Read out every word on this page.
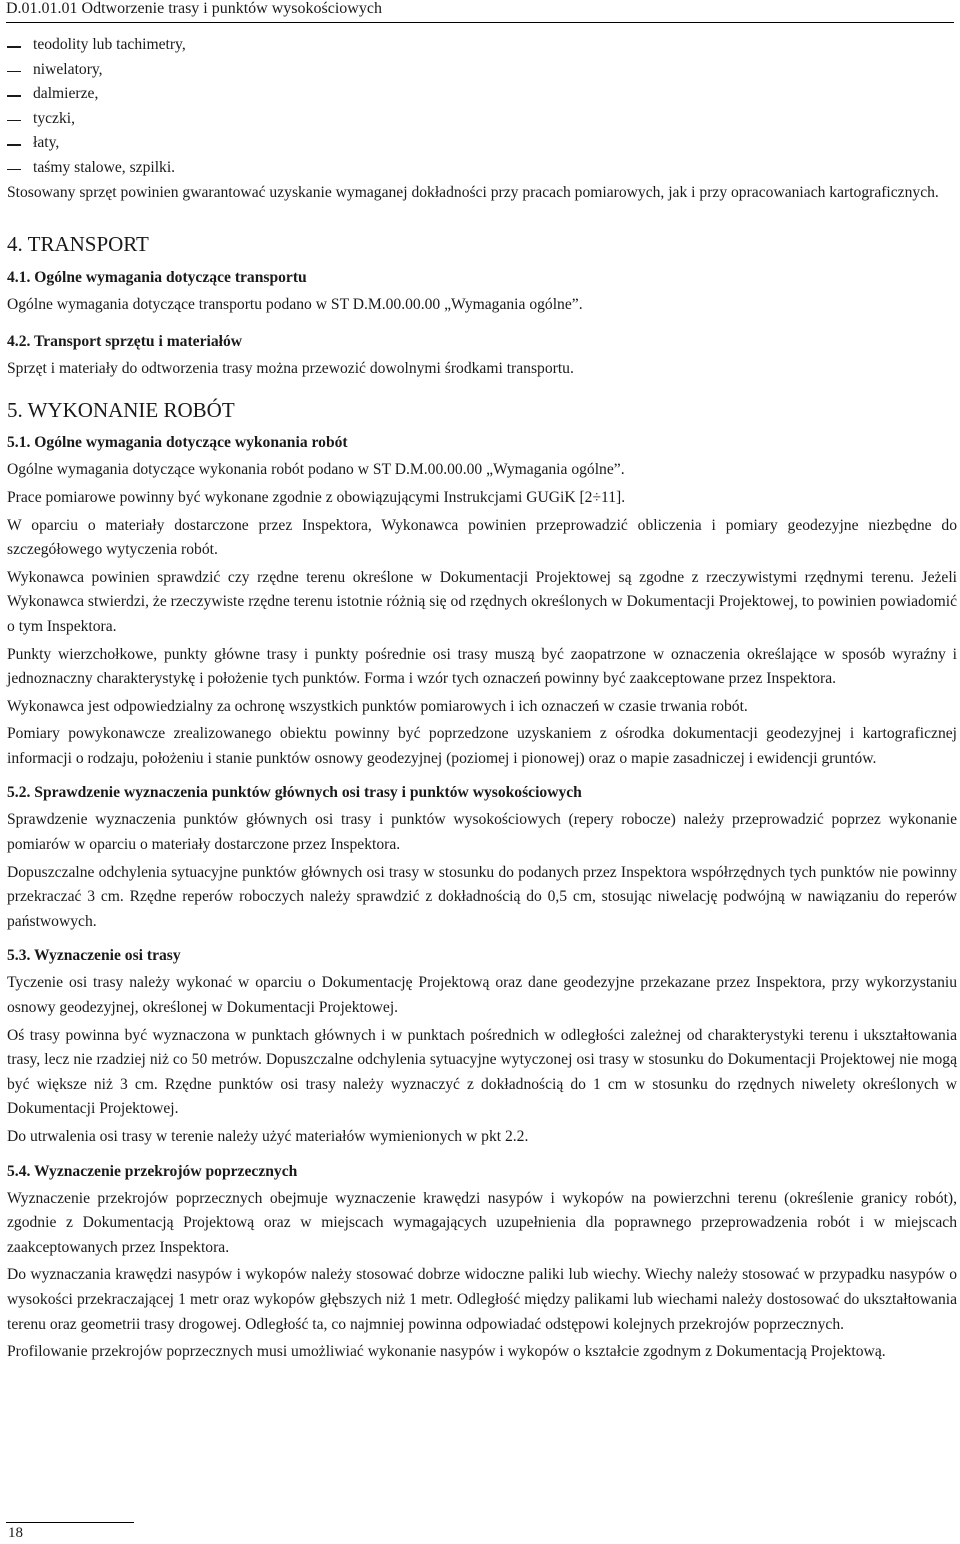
D.01.01.01 Odtworzenie trasy i punktów wysokościowych
teodolity lub tachimetry,
niwelatory,
dalmierze,
tyczki,
łaty,
taśmy stalowe, szpilki.

Stosowany sprzęt powinien gwarantować uzyskanie wymaganej dokładności przy pracach pomiarowych, jak i przy opracowaniach kartograficznych.

4. TRANSPORT
4.1. Ogólne wymagania dotyczące transportu

Ogólne wymagania dotyczące transportu podano w ST D.M.00.00.00 „Wymagania ogólne”.

4.2. Transport sprzętu i materiałów

Sprzęt i materiały do odtworzenia trasy można przewozić dowolnymi środkami transportu.

5. WYKONANIE ROBÓT
5.1. Ogólne wymagania dotyczące wykonania robót

Ogólne wymagania dotyczące wykonania robót podano w ST D.M.00.00.00 „Wymagania ogólne”.

Prace pomiarowe powinny być wykonane zgodnie z obowiązującymi Instrukcjami GUGiK [2÷11].

W oparciu o materiały dostarczone przez Inspektora, Wykonawca powinien przeprowadzić obliczenia i pomiary geodezyjne niezbędne do szczegółowego wytyczenia robót.

Wykonawca powinien sprawdzić czy rzędne terenu określone w Dokumentacji Projektowej są zgodne z rzeczywistymi rzędnymi terenu. Jeżeli Wykonawca stwierdzi, że rzeczywiste rzędne terenu istotnie różnią się od rzędnych określonych w Dokumentacji Projektowej, to powinien powiadomić o tym Inspektora.

Punkty wierzchołkowe, punkty główne trasy i punkty pośrednie osi trasy muszą być zaopatrzone w oznaczenia określające w sposób wyraźny i jednoznaczny charakterystykę i położenie tych punktów. Forma i wzór tych oznaczeń powinny być zaakceptowane przez Inspektora.

Wykonawca jest odpowiedzialny za ochronę wszystkich punktów pomiarowych i ich oznaczeń w czasie trwania robót.

Pomiary powykonawcze zrealizowanego obiektu powinny być poprzedzone uzyskaniem z ośrodka dokumentacji geodezyjnej i kartograficznej informacji o rodzaju, położeniu i stanie punktów osnowy geodezyjnej (poziomej i pionowej) oraz o mapie zasadniczej i ewidencji gruntów.

5.2. Sprawdzenie wyznaczenia punktów głównych osi trasy i punktów wysokościowych

Sprawdzenie wyznaczenia punktów głównych osi trasy i punktów wysokościowych (repery robocze) należy przeprowadzić poprzez wykonanie pomiarów w oparciu o materiały dostarczone przez Inspektora.

Dopuszczalne odchylenia sytuacyjne punktów głównych osi trasy w stosunku do podanych przez Inspektora współrzędnych tych punktów nie powinny przekraczać 3 cm. Rzędne reperów roboczych należy sprawdzić z dokładnością do 0,5 cm, stosując niwelację podwójną w nawiązaniu do reperów państwowych.

5.3. Wyznaczenie osi trasy

Tyczenie osi trasy należy wykonać w oparciu o Dokumentację Projektową oraz dane geodezyjne przekazane przez Inspektora, przy wykorzystaniu osnowy geodezyjnej, określonej w Dokumentacji Projektowej.

Oś trasy powinna być wyznaczona w punktach głównych i w punktach pośrednich w odległości zależnej od charakterystyki terenu i ukształtowania trasy, lecz nie rzadziej niż co 50 metrów. Dopuszczalne odchylenia sytuacyjne wytyczonej osi trasy w stosunku do Dokumentacji Projektowej nie mogą być większe niż 3 cm. Rzędne punktów osi trasy należy wyznaczyć z dokładnością do 1 cm w stosunku do rzędnych niwelety określonych w Dokumentacji Projektowej.

Do utrwalenia osi trasy w terenie należy użyć materiałów wymienionych w pkt 2.2.

5.4. Wyznaczenie przekrojów poprzecznych

Wyznaczenie przekrojów poprzecznych obejmuje wyznaczenie krawędzi nasypów i wykopów na powierzchni terenu (określenie granicy robót), zgodnie z Dokumentacją Projektową oraz w miejscach wymagających uzupełnienia dla poprawnego przeprowadzenia robót i w miejscach zaakceptowanych przez Inspektora.

Do wyznaczania krawędzi nasypów i wykopów należy stosować dobrze widoczne paliki lub wiechy. Wiechy należy stosować w przypadku nasypów o wysokości przekraczającej 1 metr oraz wykopów głębszych niż 1 metr. Odległość między palikami lub wiechami należy dostosować do ukształtowania terenu oraz geometrii trasy drogowej. Odległość ta, co najmniej powinna odpowiadać odstępowi kolejnych przekrojów poprzecznych.

Profilowanie przekrojów poprzecznych musi umożliwiać wykonanie nasypów i wykopów o kształcie zgodnym z Dokumentacją Projektową.

18
